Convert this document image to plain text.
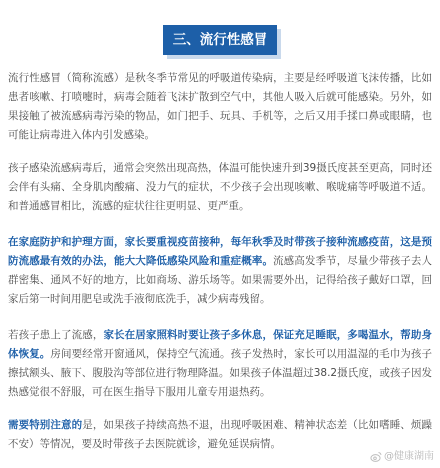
三、流行性感冒

流行性感冒（简称流感）是秋冬季节常见的呼吸道传染病，主要是经呼吸道飞沫传播，比如患者咳嗽、打喷嚏时，病毒会随着飞沫扩散到空气中，其他人吸入后就可能感染。另外，如果接触了被流感病毒污染的物品，如门把手、玩具、手机等，之后又用手揉口鼻或眼睛，也可能让病毒进入体内引发感染。

孩子感染流感病毒后，通常会突然出现高热，体温可能快速升到39摄氏度甚至更高，同时还会伴有头痛、全身肌肉酸痛、没力气的症状，不少孩子会出现咳嗽、喉咙痛等呼吸道不适。和普通感冒相比，流感的症状往往更明显、更严重。

在家庭防护和护理方面，家长要重视疫苗接种，每年秋季及时带孩子接种流感疫苗，这是预防流感最有效的办法，能大大降低感染风险和重症概率。流感高发季节，尽量少带孩子去人群密集、通风不好的地方，比如商场、游乐场等。如果需要外出，记得给孩子戴好口罩，回家后第一时间用肥皂或洗手液彻底洗手，减少病毒残留。

若孩子患上了流感，家长在居家照料时要让孩子多休息，保证充足睡眠，多喝温水，帮助身体恢复。房间要经常开窗通风，保持空气流通。孩子发热时，家长可以用温湿的毛巾为孩子擦拭额头、腋下、腹股沟等部位进行物理降温。如果孩子体温超过38.2摄氏度，或孩子因发热感觉很不舒服，可在医生指导下服用儿童专用退热药。

需要特别注意的是，如果孩子持续高热不退，出现呼吸困难、精神状态差（比如嗜睡、烦躁不安）等情况，要及时带孩子去医院就诊，避免延误病情。

@健康湖南
